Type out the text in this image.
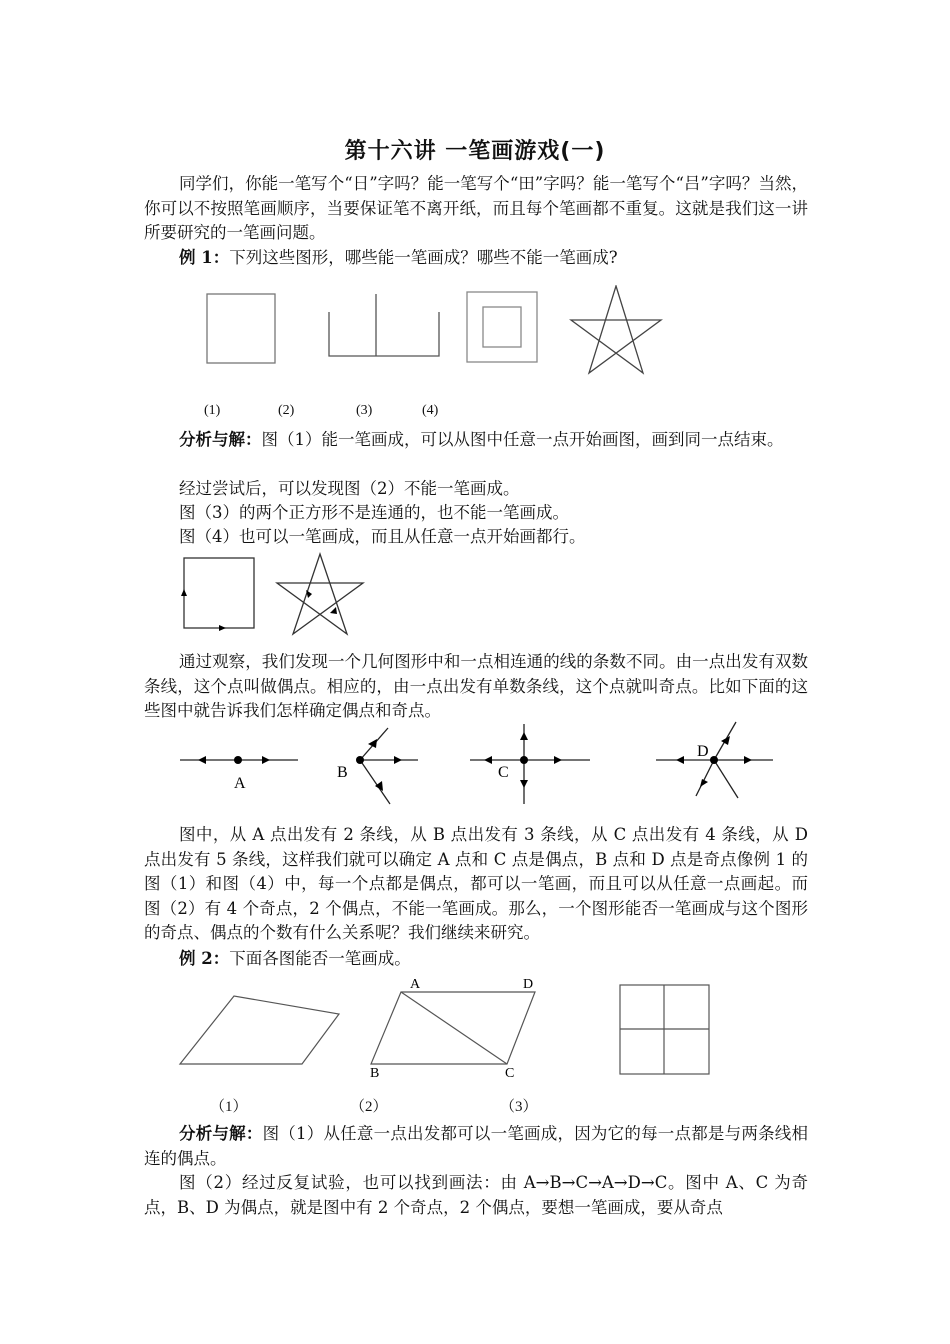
第十六讲 一笔画游戏(一)
同学们，你能一笔写个“日”字吗？能一笔写个“田”字吗？能一笔写个“吕”字吗？当然，你可以不按照笔画顺序，当要保证笔不离开纸，而且每个笔画都不重复。这就是我们这一讲所要研究的一笔画问题。
例 1：下列这些图形，哪些能一笔画成？哪些不能一笔画成?
(1)	(2)	(3)	(4)
分析与解：图（1）能一笔画成，可以从图中任意一点开始画图，画到同一点结束。
经过尝试后，可以发现图（2）不能一笔画成。
图（3）的两个正方形不是连通的，也不能一笔画成。
图（4）也可以一笔画成，而且从任意一点开始画都行。
通过观察，我们发现一个几何图形中和一点相连通的线的条数不同。由一点出发有双数条线，这个点叫做偶点。相应的，由一点出发有单数条线，这个点就叫奇点。比如下面的这些图中就告诉我们怎样确定偶点和奇点。
A
B	C
D
图中，从 A 点出发有 2 条线，从 B 点出发有 3 条线，从 C 点出发有 4 条线，从 D 点出发有 5 条线，这样我们就可以确定 A 点和 C 点是偶点，B 点和 D 点是奇点像例 1 的图（1）和图（4）中，每一个点都是偶点，都可以一笔画，而且可以从任意一点画起。而图（2）有 4 个奇点，2 个偶点，不能一笔画成。那么，一个图形能否一笔画成与这个图形的奇点、偶点的个数有什么关系呢？我们继续来研究。
例 2：下面各图能否一笔画成。
A	D
B	C
（1）	（2）	（3）
分析与解：图（1）从任意一点出发都可以一笔画成，因为它的每一点都是与两条线相连的偶点。
图（2）经过反复试验，也可以找到画法：由 A→B→C→A→D→C。图中 A、C 为奇点，B、D 为偶点，就是图中有 2 个奇点，2 个偶点，要想一笔画成，要从奇点
